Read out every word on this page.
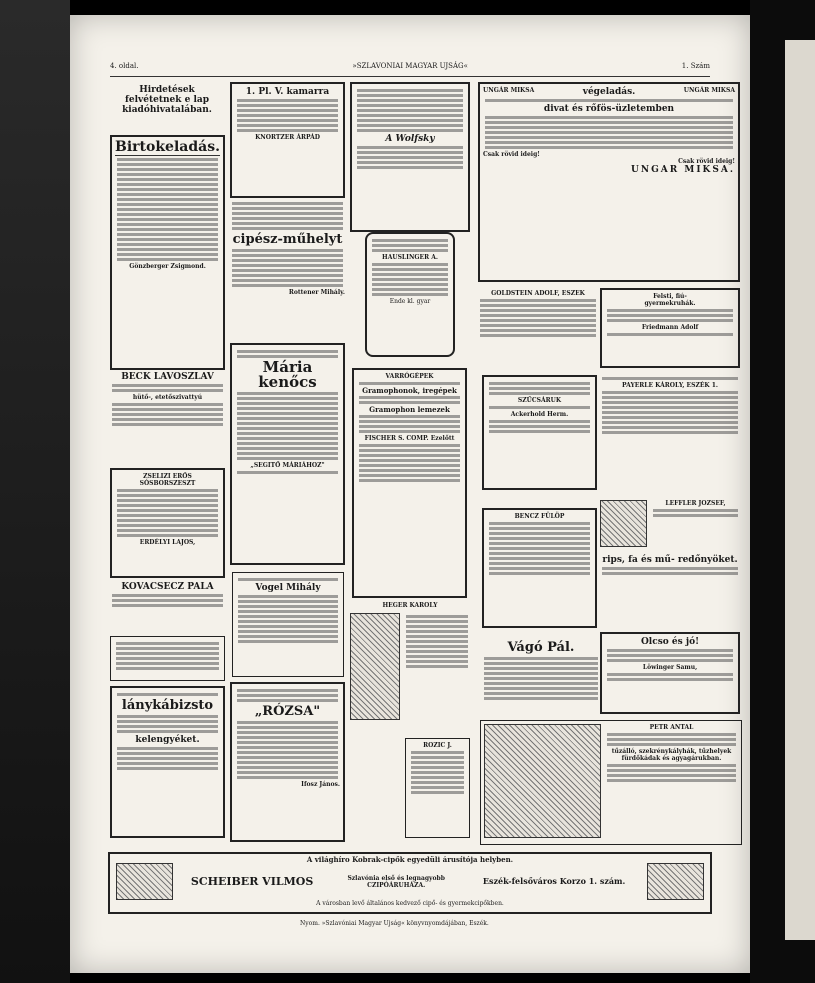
4. oldal.	»SZLAVONIAI MAGYAR UJSÁG«	1. Szám
Hirdetések felvétetnek e lap kiadóhivatalában.
Birtokeladás.
Gönzberger Zsigmond.
BECK LAVOSZLAV
hütő-, etetőszivattyú
ZSELIZI ERŐS SÓSBORSZESZT
ERDÉLYI LAJOS,
KOVÁCSECZ PÁLA
lánykábizsto
kelengyéket.
1. Pl. V. kamarra
KNORTZER ÁRPÁD
cipész-műhelyt
Rottener Mihály.
Mária kenőcs
„SEGITŐ MÁRIÁHOZ"
Vogel Mihály
„RÓZSA"
Ifosz János.
A Wolfsky
HAUSLINGER A.
Ende kl. gyar
VARRÓGÉPEK
Gramophonok, iregépek
Gramophon lemezek
FISCHER S. COMP. Ezelőtt
HEGER KÁROLY
ROZIC J.
UNGÁR MIKSA	végeladás.	UNGÁR MIKSA
divat és rőfös-üzletemben
Csak rövid ideig!
Csak rövid ideig!
UNGAR MIKSA.
GOLDSTEIN ADOLF, ESZÉK	Felsti, fiú-
gyermekruhák.
Friedmann Adolf
SZŰCSÁRUK
Ackerhold Herm.
PAYERLE KÁROLY, ESZÉK 1.
BENCZ FÜLÖP
LEFFLER JÓZSEF,
rips, fa és mű- redőnyöket.
Vágó Pál.	Olcso és jó!
Löwinger Samu,
PETR ANTAL
tűzálló, szekrénykályhák, tűzhelyek
fürdőkádak és agyagárukban.
A világhíro Kobrak-cipők egyedüli árusítója helyben.
SCHEIBER VILMOS	Szlavónia első és legnagyobb CZIPÓÁRUHÁZA.	Eszék-felsőváros Korzo 1. szám.
A városban levő általános kedvező cipő- és gyermekcipőkben.
Nyom. »Szlavóniai Magyar Ujság« könyvnyomdájában, Eszék.
